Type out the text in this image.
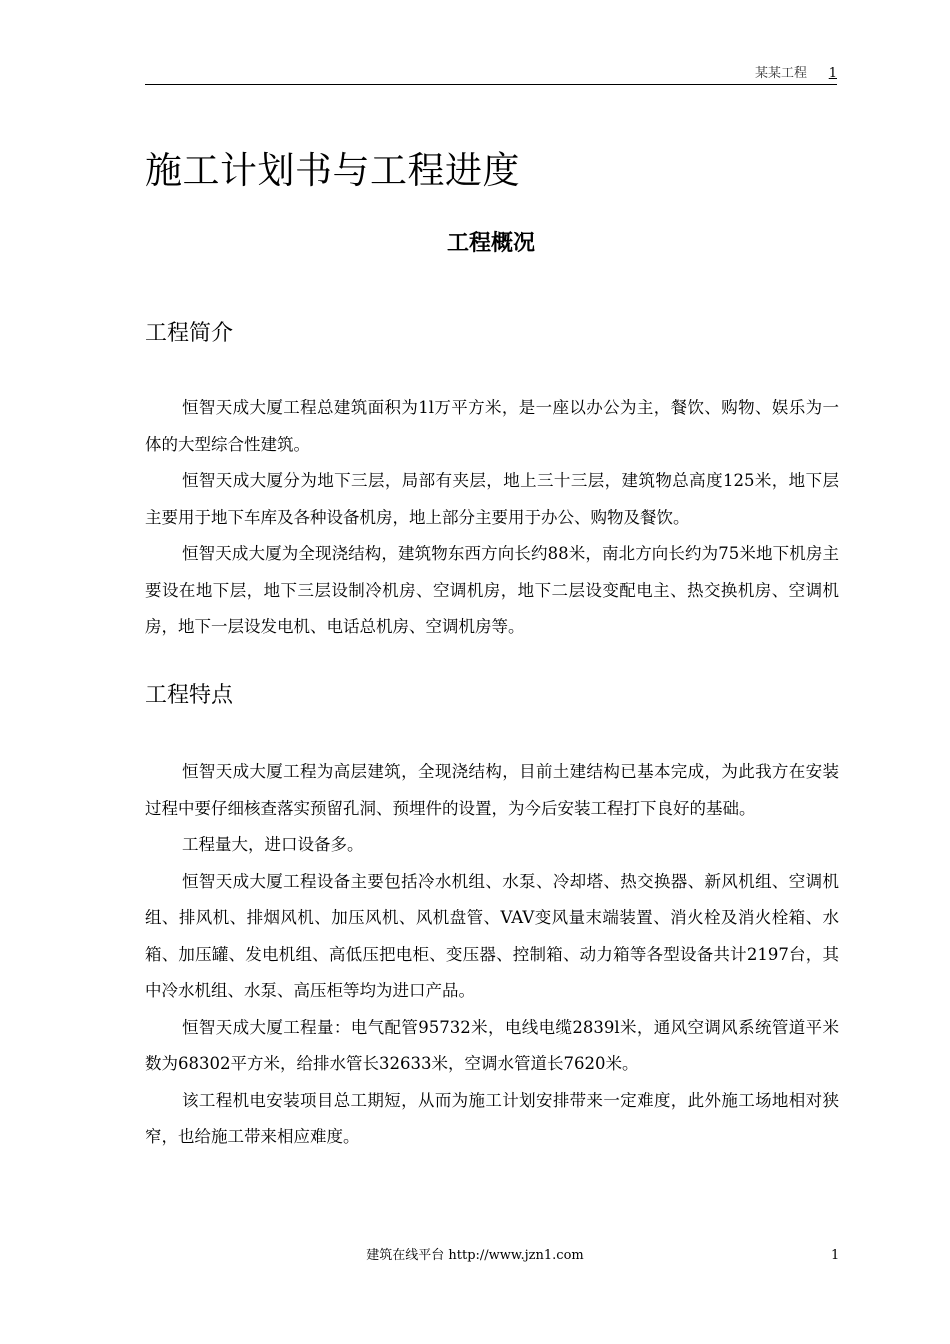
某某工程 1
施工计划书与工程进度
工程概况
工程简介

恒智天成大厦工程总建筑面积为1l万平方米，是一座以办公为主，餐饮、购物、娱乐为一体的大型综合性建筑。

恒智天成大厦分为地下三层，局部有夹层，地上三十三层，建筑物总高度125米，地下层主要用于地下车库及各种设备机房，地上部分主要用于办公、购物及餐饮。

恒智天成大厦为全现浇结构，建筑物东西方向长约88米，南北方向长约为75米地下机房主要设在地下层，地下三层设制冷机房、空调机房，地下二层设变配电主、热交换机房、空调机房，地下一层设发电机、电话总机房、空调机房等。

工程特点

恒智天成大厦工程为高层建筑，全现浇结构，目前土建结构已基本完成，为此我方在安装过程中要仔细核查落实预留孔洞、预埋件的设置，为今后安装工程打下良好的基础。

工程量大，进口设备多。

恒智天成大厦工程设备主要包括冷水机组、水泵、冷却塔、热交换器、新风机组、空调机组、排风机、排烟风机、加压风机、风机盘管、VAV变风量末端装置、消火栓及消火栓箱、水箱、加压罐、发电机组、高低压把电柜、变压器、控制箱、动力箱等各型设备共计2197台，其中冷水机组、水泵、高压柜等均为进口产品。

恒智天成大厦工程量：电气配管95732米，电线电缆2839l米，通风空调风系统管道平米数为68302平方米，给排水管长32633米，空调水管道长7620米。

该工程机电安装项目总工期短，从而为施工计划安排带来一定难度，此外施工场地相对狭窄，也给施工带来相应难度。

建筑在线平台 http://www.jzn1.com	1
